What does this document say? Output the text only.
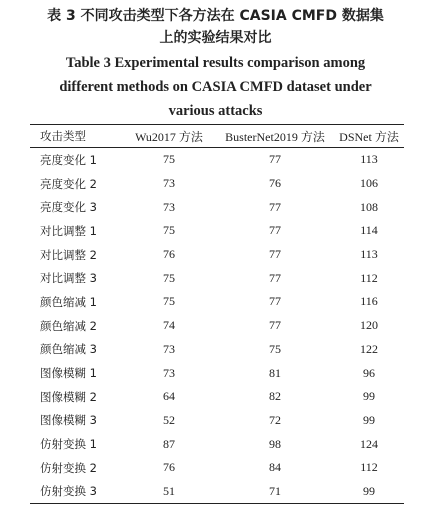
表 3 不同攻击类型下各方法在 CASIA CMFD 数据集
上的实验结果对比
Table 3 Experimental results comparison among
different methods on CASIA CMFD dataset under
various attacks
攻击类型	Wu2017 方法	BusterNet2019 方法	DSNet 方法
亮度变化 1	75	77	113
亮度变化 2	73	76	106
亮度变化 3	73	77	108
对比调整 1	75	77	114
对比调整 2	76	77	113
对比调整 3	75	77	112
颜色缩减 1	75	77	116
颜色缩减 2	74	77	120
颜色缩减 3	73	75	122
图像模糊 1	73	81	96
图像模糊 2	64	82	99
图像模糊 3	52	72	99
仿射变换 1	87	98	124
仿射变换 2	76	84	112
仿射变换 3	51	71	99
